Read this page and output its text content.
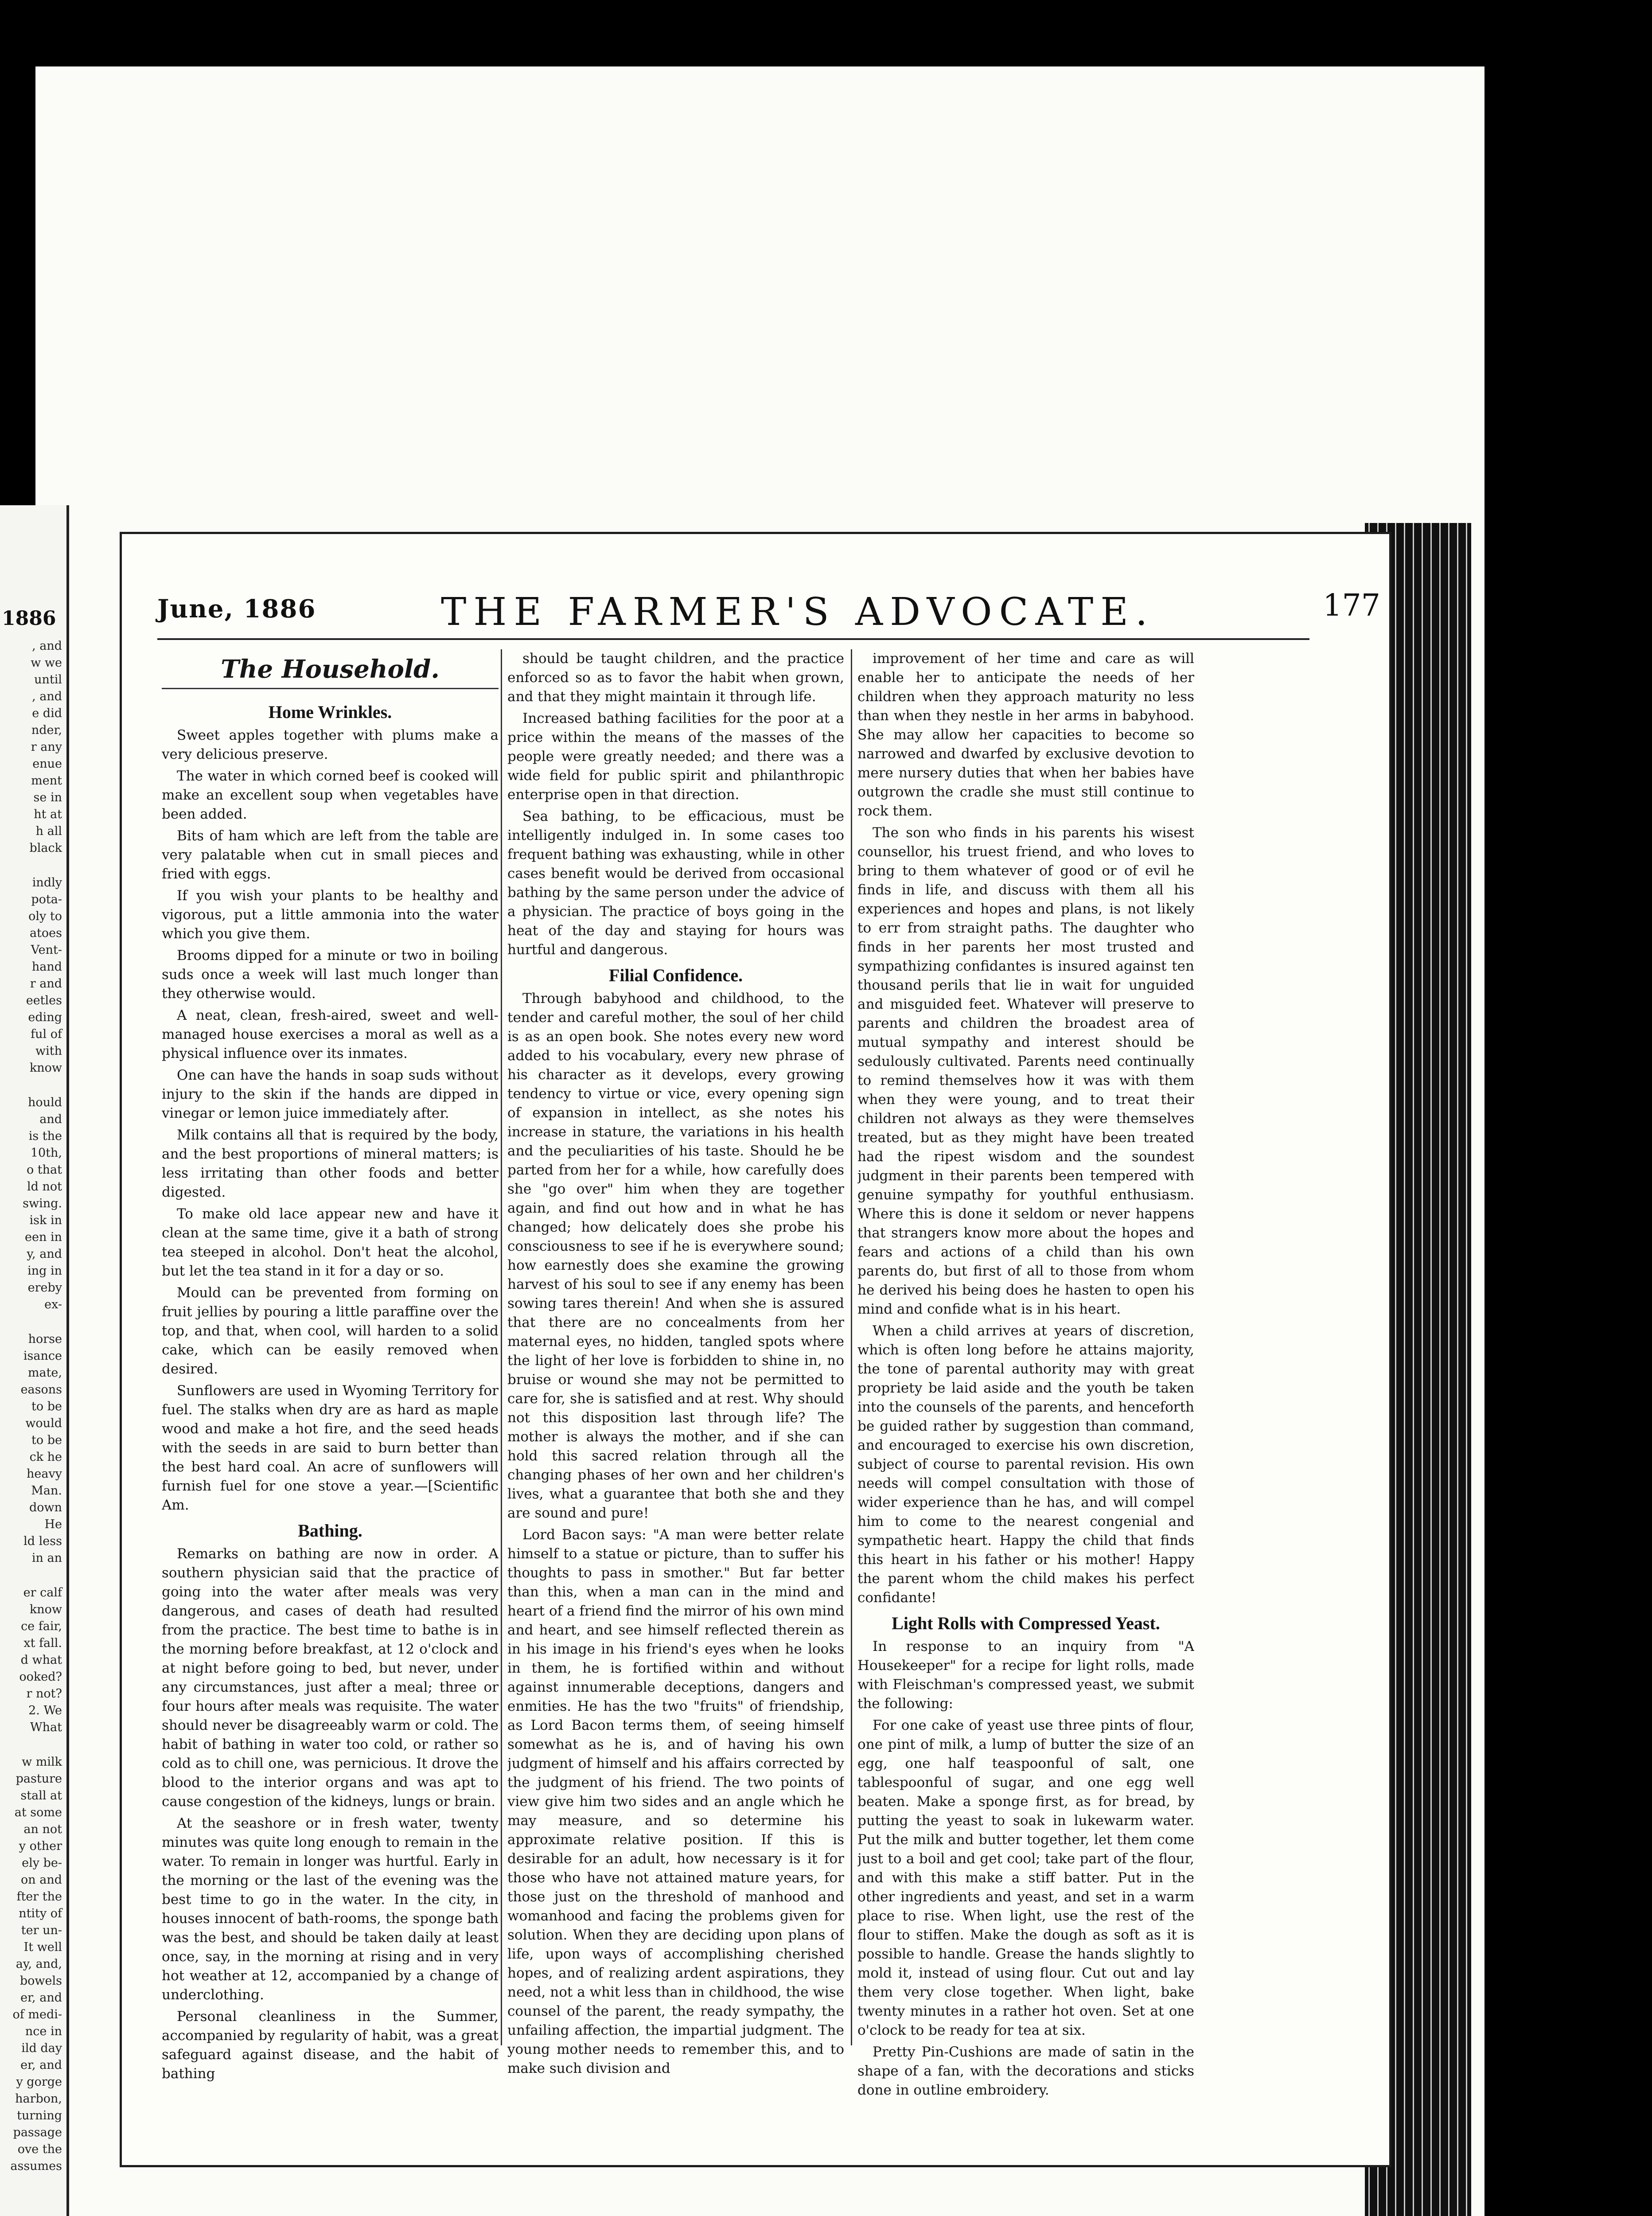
1886
, and
w we
until
, and
e did
nder,
r any
enue
ment
se in
ht at
h all
black
indly
pota-
oly to
atoes
Vent-
hand
r and
eetles
eding
ful of
with
know
hould
and
is the
10th,
o that
ld not
swing.
isk in
een in
y, and
ing in
ereby
ex-
horse
isance
mate,
easons
to be
would
to be
ck he
heavy
Man.
down
He
ld less
in an
er calf
know
ce fair,
xt fall.
d what
ooked?
r not?
2. We
What
w milk
pasture
stall at
at some
an not
y other
ely be-
on and
fter the
ntity of
ter un-
It well
ay, and,
bowels
er, and
of medi-
nce in
ild day
er, and
y gorge
harbon,
turning
passage
ove the
assumes
June, 1886	THE FARMER'S ADVOCATE.	177
The Household.
Home Wrinkles.

Sweet apples together with plums make a very delicious preserve.

The water in which corned beef is cooked will make an excellent soup when vegetables have been added.

Bits of ham which are left from the table are very palatable when cut in small pieces and fried with eggs.

If you wish your plants to be healthy and vigorous, put a little ammonia into the water which you give them.

Brooms dipped for a minute or two in boiling suds once a week will last much longer than they otherwise would.

A neat, clean, fresh-aired, sweet and well-managed house exercises a moral as well as a physical influence over its inmates.

One can have the hands in soap suds without injury to the skin if the hands are dipped in vinegar or lemon juice immediately after.

Milk contains all that is required by the body, and the best proportions of mineral matters; is less irritating than other foods and better digested.

To make old lace appear new and have it clean at the same time, give it a bath of strong tea steeped in alcohol. Don't heat the alcohol, but let the tea stand in it for a day or so.

Mould can be prevented from forming on fruit jellies by pouring a little paraffine over the top, and that, when cool, will harden to a solid cake, which can be easily removed when desired.

Sunflowers are used in Wyoming Territory for fuel. The stalks when dry are as hard as maple wood and make a hot fire, and the seed heads with the seeds in are said to burn better than the best hard coal. An acre of sunflowers will furnish fuel for one stove a year.—[Scientific Am.

Bathing.

Remarks on bathing are now in order. A southern physician said that the practice of going into the water after meals was very dangerous, and cases of death had resulted from the practice. The best time to bathe is in the morning before breakfast, at 12 o'clock and at night before going to bed, but never, under any circumstances, just after a meal; three or four hours after meals was requisite. The water should never be disagreeably warm or cold. The habit of bathing in water too cold, or rather so cold as to chill one, was pernicious. It drove the blood to the interior organs and was apt to cause congestion of the kidneys, lungs or brain.

At the seashore or in fresh water, twenty minutes was quite long enough to remain in the water. To remain in longer was hurtful. Early in the morning or the last of the evening was the best time to go in the water. In the city, in houses innocent of bath-rooms, the sponge bath was the best, and should be taken daily at least once, say, in the morning at rising and in very hot weather at 12, accompanied by a change of underclothing.

Personal cleanliness in the Summer, accompanied by regularity of habit, was a great safeguard against disease, and the habit of bathing

should be taught children, and the practice enforced so as to favor the habit when grown, and that they might maintain it through life.

Increased bathing facilities for the poor at a price within the means of the masses of the people were greatly needed; and there was a wide field for public spirit and philanthropic enterprise open in that direction.

Sea bathing, to be efficacious, must be intelligently indulged in. In some cases too frequent bathing was exhausting, while in other cases benefit would be derived from occasional bathing by the same person under the advice of a physician. The practice of boys going in the heat of the day and staying for hours was hurtful and dangerous.

Filial Confidence.

Through babyhood and childhood, to the tender and careful mother, the soul of her child is as an open book. She notes every new word added to his vocabulary, every new phrase of his character as it develops, every growing tendency to virtue or vice, every opening sign of expansion in intellect, as she notes his increase in stature, the variations in his health and the peculiarities of his taste. Should he be parted from her for a while, how carefully does she "go over" him when they are together again, and find out how and in what he has changed; how delicately does she probe his consciousness to see if he is everywhere sound; how earnestly does she examine the growing harvest of his soul to see if any enemy has been sowing tares therein! And when she is assured that there are no concealments from her maternal eyes, no hidden, tangled spots where the light of her love is forbidden to shine in, no bruise or wound she may not be permitted to care for, she is satisfied and at rest. Why should not this disposition last through life? The mother is always the mother, and if she can hold this sacred relation through all the changing phases of her own and her children's lives, what a guarantee that both she and they are sound and pure!

Lord Bacon says: "A man were better relate himself to a statue or picture, than to suffer his thoughts to pass in smother." But far better than this, when a man can in the mind and heart of a friend find the mirror of his own mind and heart, and see himself reflected therein as in his image in his friend's eyes when he looks in them, he is fortified within and without against innumerable deceptions, dangers and enmities. He has the two "fruits" of friendship, as Lord Bacon terms them, of seeing himself somewhat as he is, and of having his own judgment of himself and his affairs corrected by the judgment of his friend. The two points of view give him two sides and an angle which he may measure, and so determine his approximate relative position. If this is desirable for an adult, how necessary is it for those who have not attained mature years, for those just on the threshold of manhood and womanhood and facing the problems given for solution. When they are deciding upon plans of life, upon ways of accomplishing cherished hopes, and of realizing ardent aspirations, they need, not a whit less than in childhood, the wise counsel of the parent, the ready sympathy, the unfailing affection, the impartial judgment. The young mother needs to remember this, and to make such division and

improvement of her time and care as will enable her to anticipate the needs of her children when they approach maturity no less than when they nestle in her arms in babyhood. She may allow her capacities to become so narrowed and dwarfed by exclusive devotion to mere nursery duties that when her babies have outgrown the cradle she must still continue to rock them.

The son who finds in his parents his wisest counsellor, his truest friend, and who loves to bring to them whatever of good or of evil he finds in life, and discuss with them all his experiences and hopes and plans, is not likely to err from straight paths. The daughter who finds in her parents her most trusted and sympathizing confidantes is insured against ten thousand perils that lie in wait for unguided and misguided feet. Whatever will preserve to parents and children the broadest area of mutual sympathy and interest should be sedulously cultivated. Parents need continually to remind themselves how it was with them when they were young, and to treat their children not always as they were themselves treated, but as they might have been treated had the ripest wisdom and the soundest judgment in their parents been tempered with genuine sympathy for youthful enthusiasm. Where this is done it seldom or never happens that strangers know more about the hopes and fears and actions of a child than his own parents do, but first of all to those from whom he derived his being does he hasten to open his mind and confide what is in his heart.

When a child arrives at years of discretion, which is often long before he attains majority, the tone of parental authority may with great propriety be laid aside and the youth be taken into the counsels of the parents, and henceforth be guided rather by suggestion than command, and encouraged to exercise his own discretion, subject of course to parental revision. His own needs will compel consultation with those of wider experience than he has, and will compel him to come to the nearest congenial and sympathetic heart. Happy the child that finds this heart in his father or his mother! Happy the parent whom the child makes his perfect confidante!

Light Rolls with Compressed Yeast.

In response to an inquiry from "A Housekeeper" for a recipe for light rolls, made with Fleischman's compressed yeast, we submit the following:

For one cake of yeast use three pints of flour, one pint of milk, a lump of butter the size of an egg, one half teaspoonful of salt, one tablespoonful of sugar, and one egg well beaten. Make a sponge first, as for bread, by putting the yeast to soak in lukewarm water. Put the milk and butter together, let them come just to a boil and get cool; take part of the flour, and with this make a stiff batter. Put in the other ingredients and yeast, and set in a warm place to rise. When light, use the rest of the flour to stiffen. Make the dough as soft as it is possible to handle. Grease the hands slightly to mold it, instead of using flour. Cut out and lay them very close together. When light, bake twenty minutes in a rather hot oven. Set at one o'clock to be ready for tea at six.

Pretty Pin-Cushions are made of satin in the shape of a fan, with the decorations and sticks done in outline embroidery.
